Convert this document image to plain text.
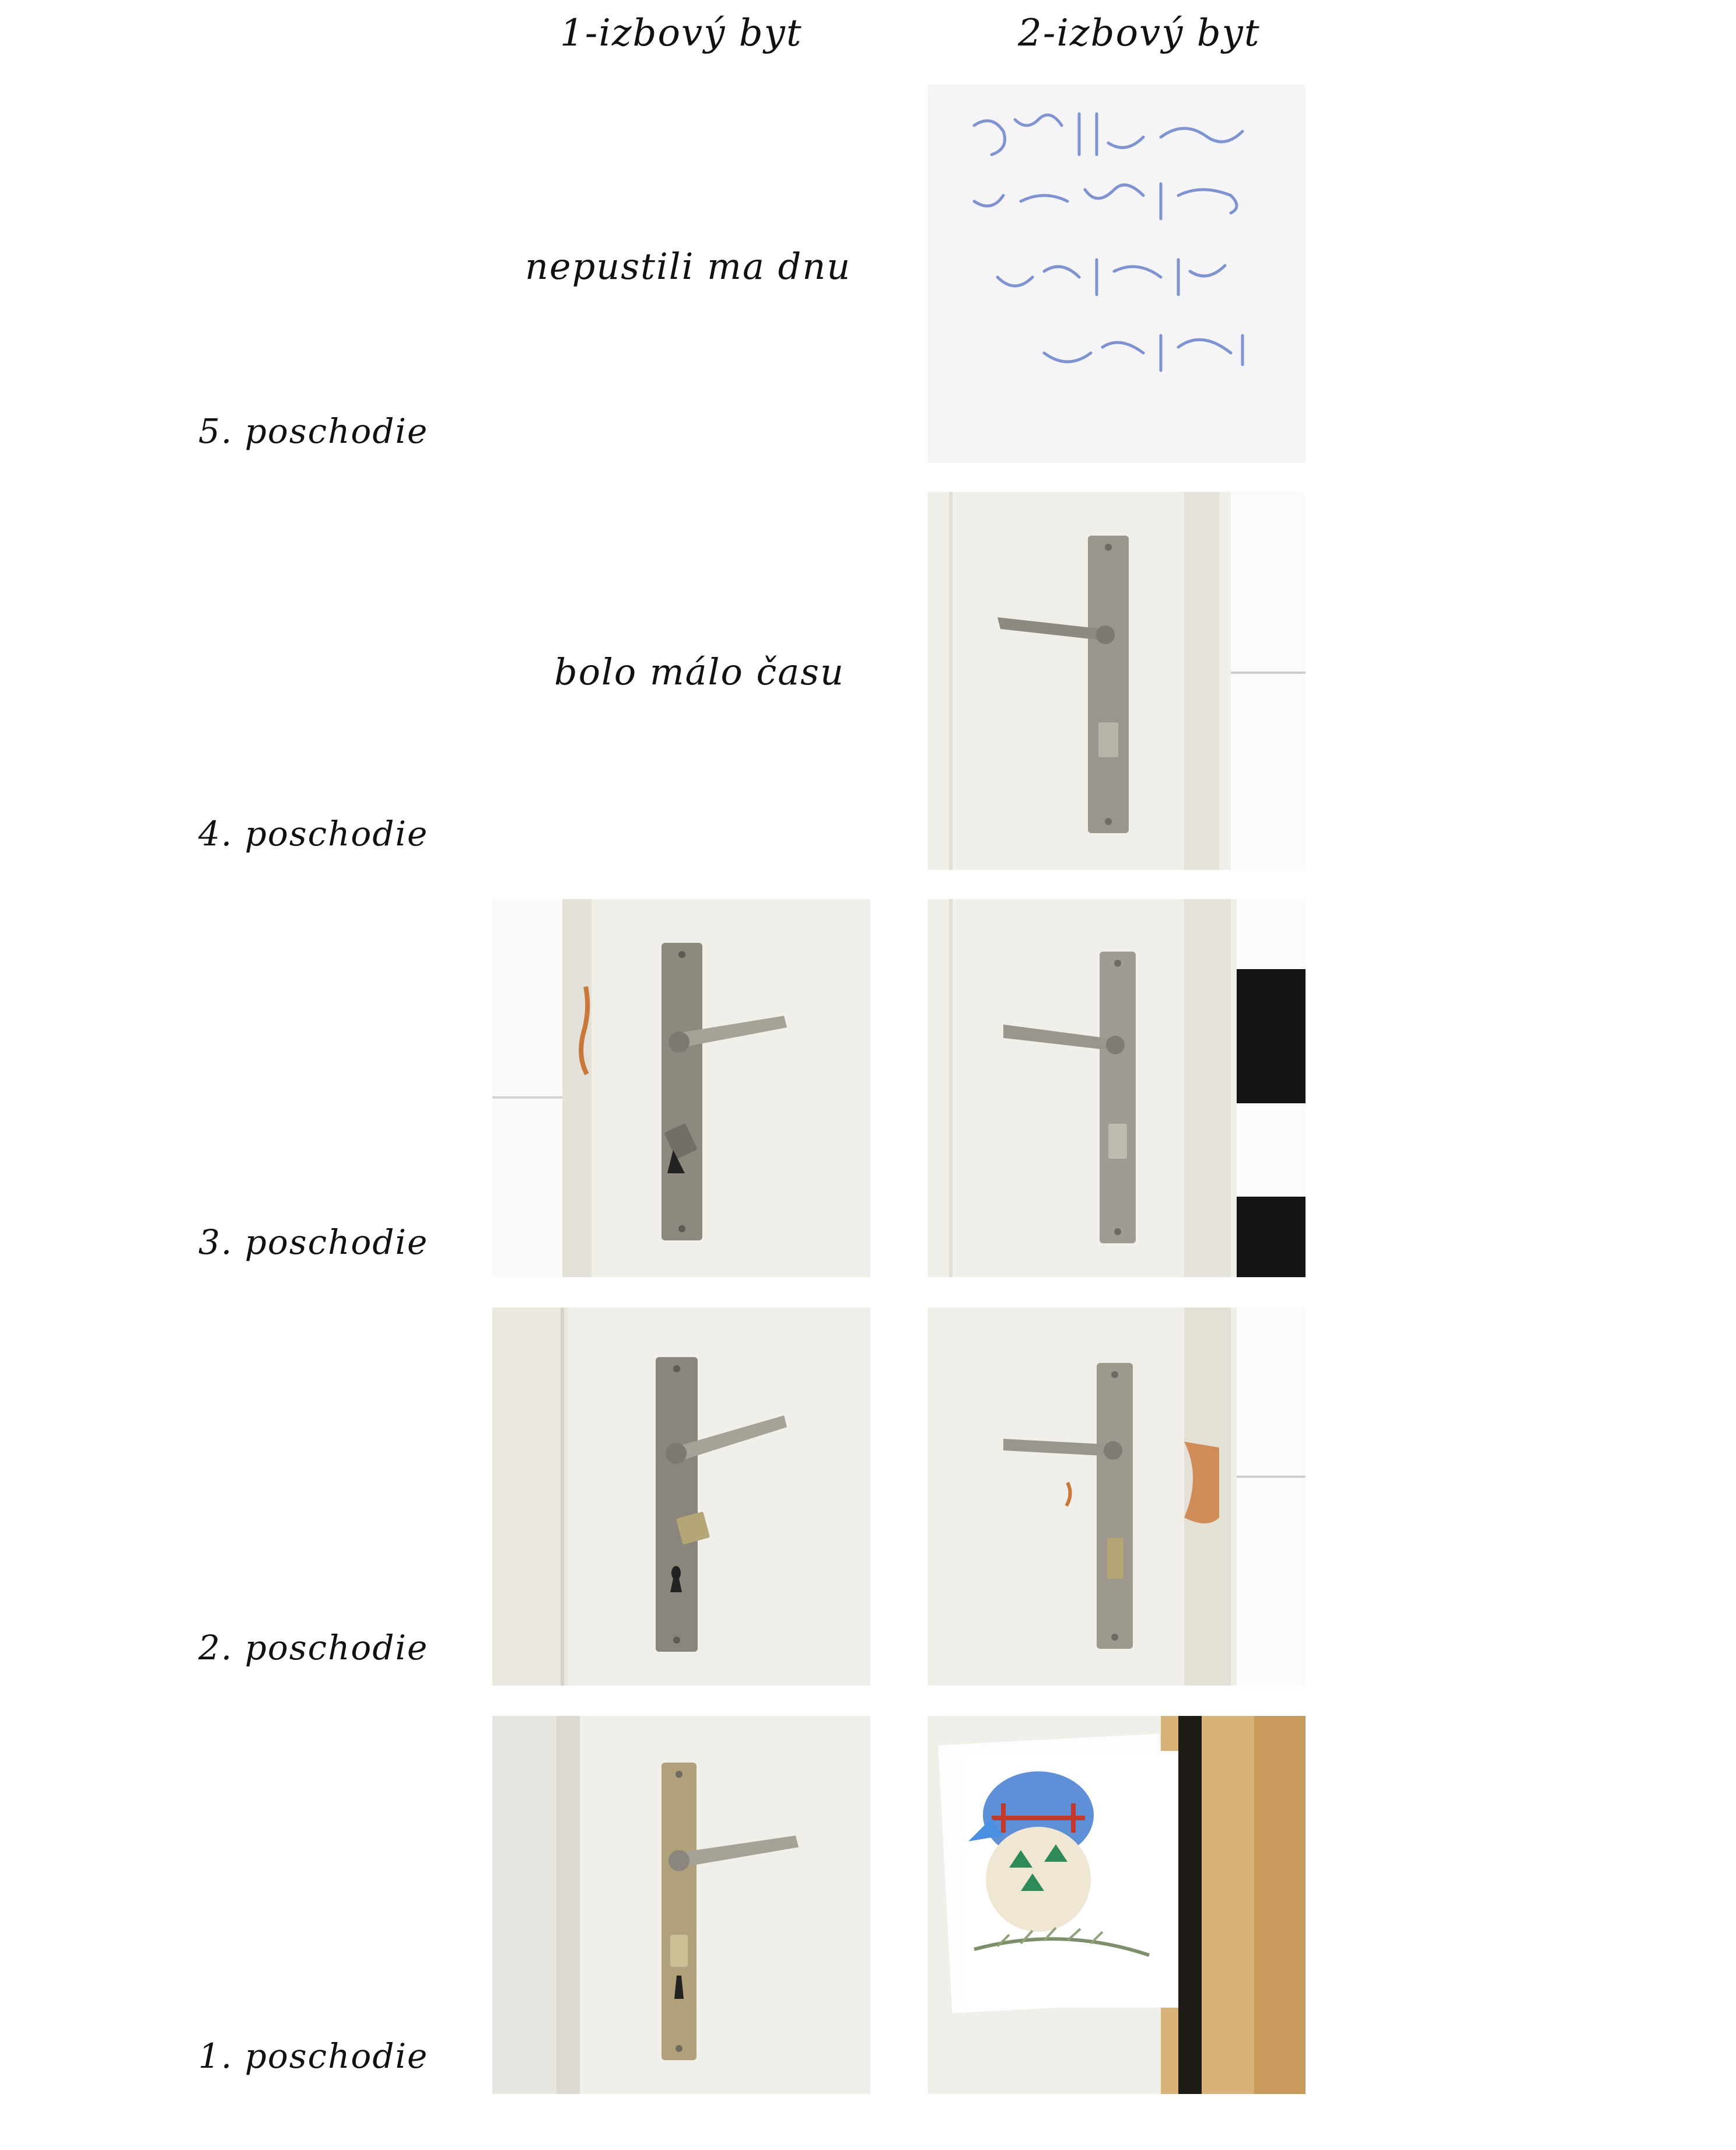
1-izbový byt	2-izbový byt
5. poschodie
4. poschodie
3. poschodie
2. poschodie
1. poschodie
nepustili ma dnu
bolo málo času
